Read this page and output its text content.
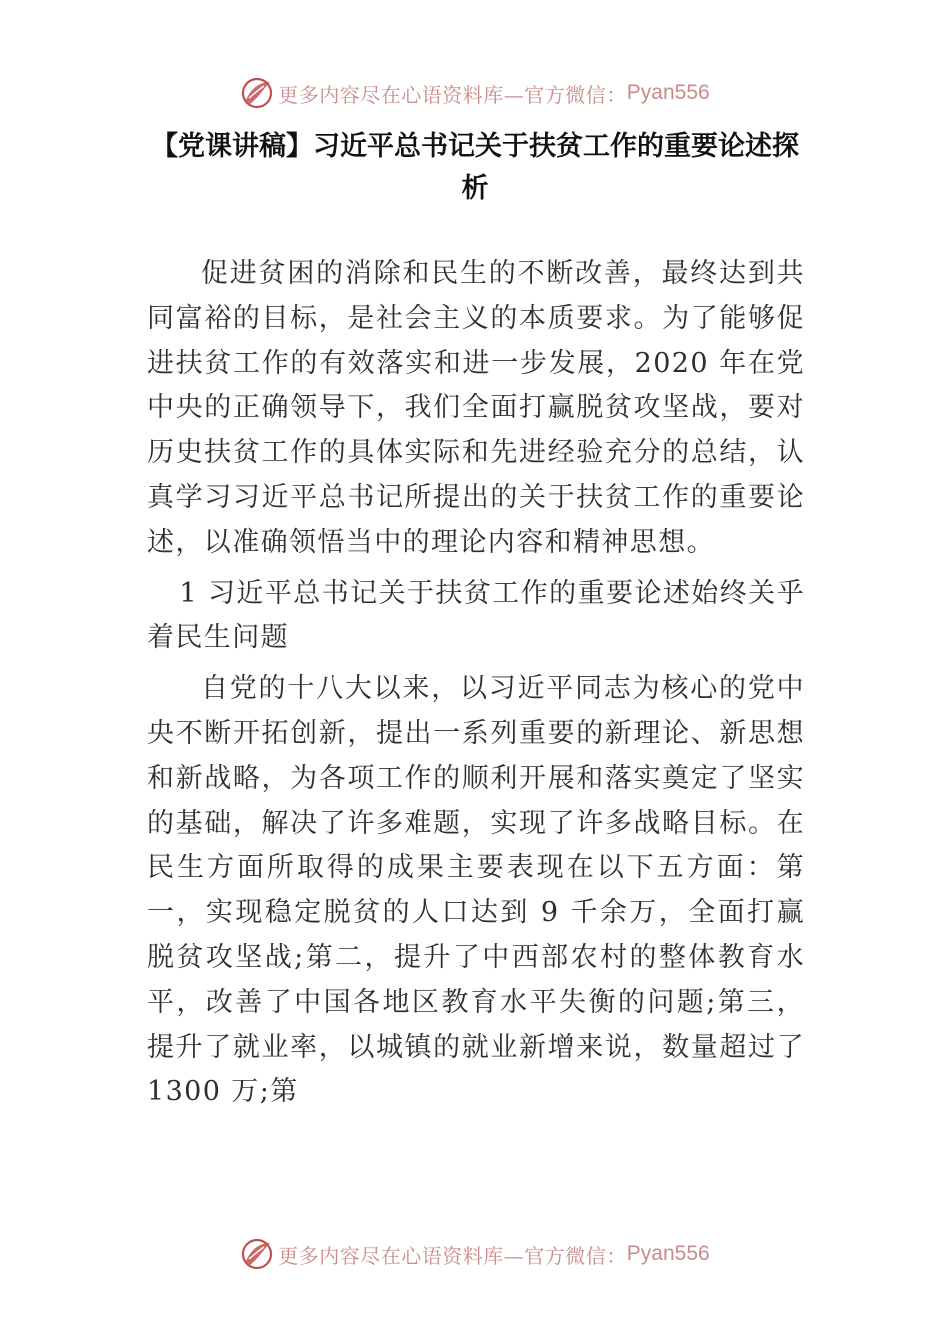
更多内容尽在心语资料库—官方微信： Pyan556
【党课讲稿】习近平总书记关于扶贫工作的重要论述探析

促进贫困的消除和民生的不断改善，最终达到共同富裕的目标，是社会主义的本质要求。为了能够促进扶贫工作的有效落实和进一步发展，2020 年在党中央的正确领导下，我们全面打赢脱贫攻坚战，要对历史扶贫工作的具体实际和先进经验充分的总结，认真学习习近平总书记所提出的关于扶贫工作的重要论述，以准确领悟当中的理论内容和精神思想。

1 习近平总书记关于扶贫工作的重要论述始终关乎着民生问题

自党的十八大以来，以习近平同志为核心的党中央不断开拓创新，提出一系列重要的新理论、新思想和新战略，为各项工作的顺利开展和落实奠定了坚实的基础，解决了许多难题，实现了许多战略目标。在民生方面所取得的成果主要表现在以下五方面：第一，实现稳定脱贫的人口达到 9 千余万，全面打赢脱贫攻坚战;第二，提升了中西部农村的整体教育水平，改善了中国各地区教育水平失衡的问题;第三，提升了就业率，以城镇的就业新增来说，数量超过了 1300 万;第

更多内容尽在心语资料库—官方微信： Pyan556
